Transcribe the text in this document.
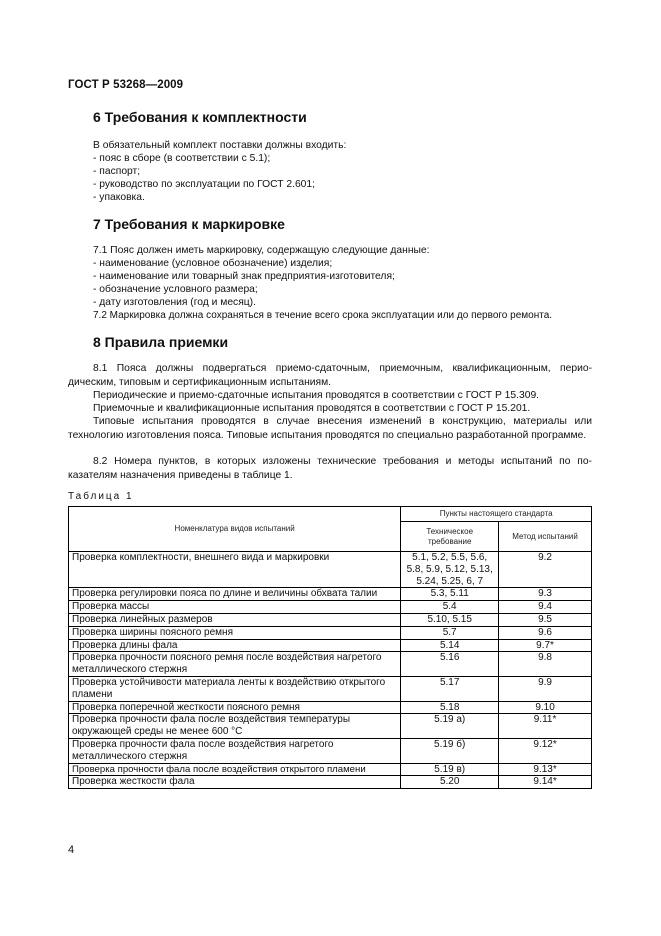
ГОСТ Р 53268—2009
6 Требования к комплектности
В обязательный комплект поставки должны входить:
- пояс в сборе (в соответствии с 5.1);
- паспорт;
- руководство по эксплуатации по ГОСТ 2.601;
- упаковка.
7 Требования к маркировке
7.1 Пояс должен иметь маркировку, содержащую следующие данные:
- наименование (условное обозначение) изделия;
- наименование или товарный знак предприятия-изготовителя;
- обозначение условного размера;
- дату изготовления (год и месяц).
7.2 Маркировка должна сохраняться в течение всего срока эксплуатации или до первого ремонта.
8 Правила приемки
8.1 Пояса должны подвергаться приемо-сдаточным, приемочным, квалификационным, перио-дическим, типовым и сертификационным испытаниям.
Периодические и приемо-сдаточные испытания проводятся в соответствии с ГОСТ Р 15.309.
Приемочные и квалификационные испытания проводятся в соответствии с ГОСТ Р 15.201.
Типовые испытания проводятся в случае внесения изменений в конструкцию, материалы или технологию изготовления пояса. Типовые испытания проводятся по специально разработанной программе.
8.2 Номера пунктов, в которых изложены технические требования и методы испытаний по по-казателям назначения приведены в таблице 1.
Таблица 1
Номенклатура видов испытаний	Пункты настоящего стандарта	
	Техническое требование	Метод испытаний
Проверка комплектности, внешнего вида и маркировки	5.1, 5.2, 5.5, 5.6, 5.8, 5.9, 5.12, 5.13, 5.24, 5.25, 6, 7	9.2
Проверка регулировки пояса по длине и величины обхвата талии	5.3, 5.11	9.3
Проверка массы	5.4	9.4
Проверка линейных размеров	5.10, 5.15	9.5
Проверка ширины поясного ремня	5.7	9.6
Проверка длины фала	5.14	9.7*
Проверка прочности поясного ремня после воздействия нагретого металлического стержня	5.16	9.8
Проверка устойчивости материала ленты к воздействию открытого пламени	5.17	9.9
Проверка поперечной жесткости поясного ремня	5.18	9.10
Проверка прочности фала после воздействия температуры окружающей среды не менее 600 °С	5.19 а)	9.11*
Проверка прочности фала после воздействия нагретого металлического стержня	5.19 б)	9.12*
Проверка прочности фала после воздействия открытого пламени	5.19 в)	9.13*
Проверка жесткости фала	5.20	9.14*
4
